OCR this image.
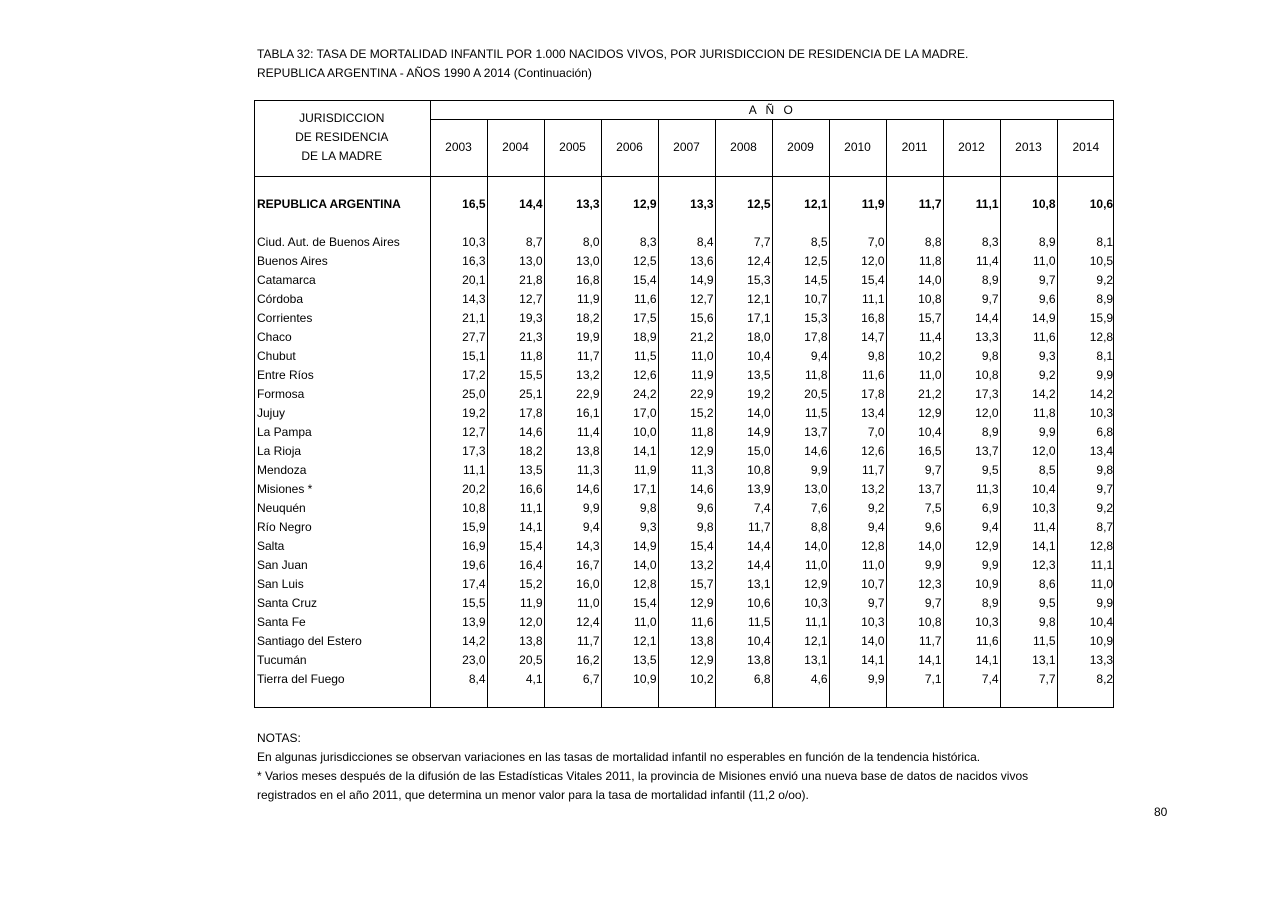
TABLA 32: TASA DE MORTALIDAD INFANTIL POR 1.000 NACIDOS VIVOS, POR JURISDICCION DE RESIDENCIA DE LA MADRE.
REPUBLICA ARGENTINA - AÑOS 1990 A 2014 (Continuación)
JURISDICCION
DE RESIDENCIA
DE LA MADRE	A Ñ O											
	2003	2004	2005	2006	2007	2008	2009	2010	2011	2012	2013	2014

REPUBLICA ARGENTINA	16,5	14,4	13,3	12,9	13,3	12,5	12,1	11,9	11,7	11,1	10,8	10,6

Ciud. Aut. de Buenos Aires	10,3	8,7	8,0	8,3	8,4	7,7	8,5	7,0	8,8	8,3	8,9	8,1
Buenos Aires	16,3	13,0	13,0	12,5	13,6	12,4	12,5	12,0	11,8	11,4	11,0	10,5
Catamarca	20,1	21,8	16,8	15,4	14,9	15,3	14,5	15,4	14,0	8,9	9,7	9,2
Córdoba	14,3	12,7	11,9	11,6	12,7	12,1	10,7	11,1	10,8	9,7	9,6	8,9
Corrientes	21,1	19,3	18,2	17,5	15,6	17,1	15,3	16,8	15,7	14,4	14,9	15,9
Chaco	27,7	21,3	19,9	18,9	21,2	18,0	17,8	14,7	11,4	13,3	11,6	12,8
Chubut	15,1	11,8	11,7	11,5	11,0	10,4	9,4	9,8	10,2	9,8	9,3	8,1
Entre Ríos	17,2	15,5	13,2	12,6	11,9	13,5	11,8	11,6	11,0	10,8	9,2	9,9
Formosa	25,0	25,1	22,9	24,2	22,9	19,2	20,5	17,8	21,2	17,3	14,2	14,2
Jujuy	19,2	17,8	16,1	17,0	15,2	14,0	11,5	13,4	12,9	12,0	11,8	10,3
La Pampa	12,7	14,6	11,4	10,0	11,8	14,9	13,7	7,0	10,4	8,9	9,9	6,8
La Rioja	17,3	18,2	13,8	14,1	12,9	15,0	14,6	12,6	16,5	13,7	12,0	13,4
Mendoza	11,1	13,5	11,3	11,9	11,3	10,8	9,9	11,7	9,7	9,5	8,5	9,8
Misiones *	20,2	16,6	14,6	17,1	14,6	13,9	13,0	13,2	13,7	11,3	10,4	9,7
Neuquén	10,8	11,1	9,9	9,8	9,6	7,4	7,6	9,2	7,5	6,9	10,3	9,2
Río Negro	15,9	14,1	9,4	9,3	9,8	11,7	8,8	9,4	9,6	9,4	11,4	8,7
Salta	16,9	15,4	14,3	14,9	15,4	14,4	14,0	12,8	14,0	12,9	14,1	12,8
San Juan	19,6	16,4	16,7	14,0	13,2	14,4	11,0	11,0	9,9	9,9	12,3	11,1
San Luis	17,4	15,2	16,0	12,8	15,7	13,1	12,9	10,7	12,3	10,9	8,6	11,0
Santa Cruz	15,5	11,9	11,0	15,4	12,9	10,6	10,3	9,7	9,7	8,9	9,5	9,9
Santa Fe	13,9	12,0	12,4	11,0	11,6	11,5	11,1	10,3	10,8	10,3	9,8	10,4
Santiago del Estero	14,2	13,8	11,7	12,1	13,8	10,4	12,1	14,0	11,7	11,6	11,5	10,9
Tucumán	23,0	20,5	16,2	13,5	12,9	13,8	13,1	14,1	14,1	14,1	13,1	13,3
Tierra del Fuego	8,4	4,1	6,7	10,9	10,2	6,8	4,6	9,9	7,1	7,4	7,7	8,2

NOTAS:
En algunas jurisdicciones se observan variaciones en las tasas de mortalidad infantil no esperables en función de la tendencia histórica.
* Varios meses después de la difusión de las Estadísticas Vitales 2011, la provincia de Misiones envió una nueva base de datos de nacidos vivos
registrados en el año 2011, que determina un menor valor para la tasa de mortalidad infantil (11,2 o/oo).
80
